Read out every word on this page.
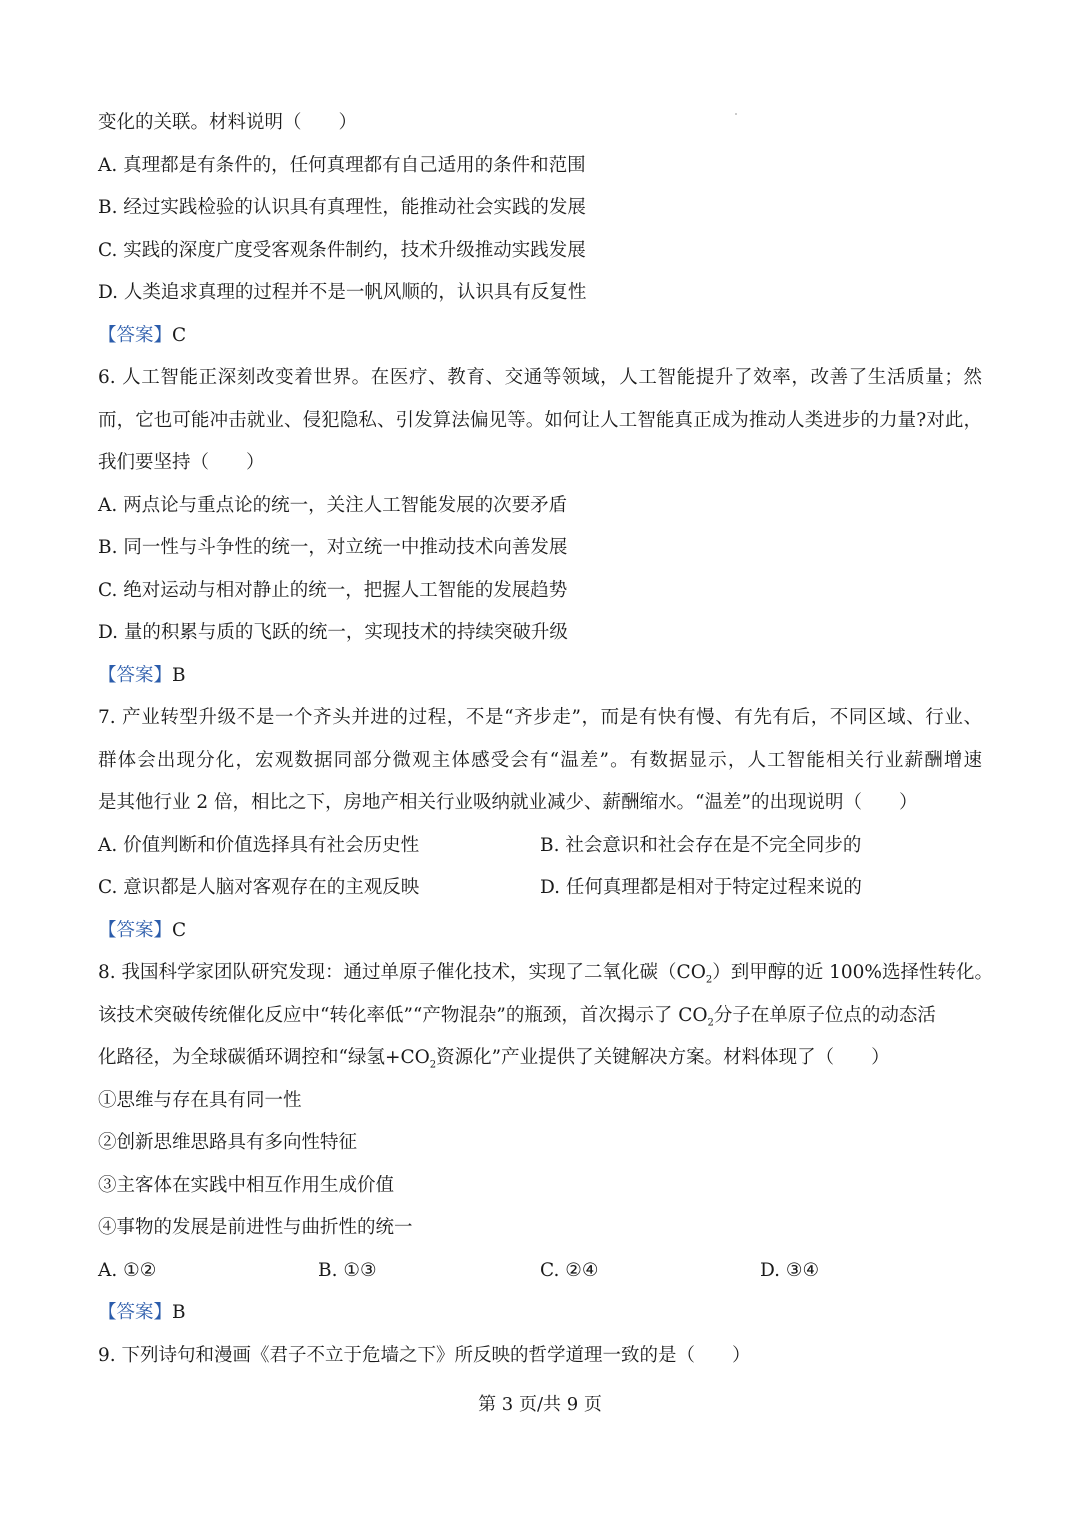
变化的关联。材料说明（　　）
A. 真理都是有条件的，任何真理都有自己适用的条件和范围
B. 经过实践检验的认识具有真理性，能推动社会实践的发展
C. 实践的深度广度受客观条件制约，技术升级推动实践发展
D. 人类追求真理的过程并不是一帆风顺的，认识具有反复性
【答案】C
6. 人工智能正深刻改变着世界。在医疗、教育、交通等领域，人工智能提升了效率，改善了生活质量；然
而，它也可能冲击就业、侵犯隐私、引发算法偏见等。如何让人工智能真正成为推动人类进步的力量?对此，
我们要坚持（　　）
A. 两点论与重点论的统一，关注人工智能发展的次要矛盾
B. 同一性与斗争性的统一，对立统一中推动技术向善发展
C. 绝对运动与相对静止的统一，把握人工智能的发展趋势
D. 量的积累与质的飞跃的统一，实现技术的持续突破升级
【答案】B
7. 产业转型升级不是一个齐头并进的过程，不是“齐步走”，而是有快有慢、有先有后，不同区域、行业、
群体会出现分化，宏观数据同部分微观主体感受会有“温差”。有数据显示，人工智能相关行业薪酬增速
是其他行业 2 倍，相比之下，房地产相关行业吸纳就业减少、薪酬缩水。“温差”的出现说明（　　）
A. 价值判断和价值选择具有社会历史性	B. 社会意识和社会存在是不完全同步的
C. 意识都是人脑对客观存在的主观反映	D. 任何真理都是相对于特定过程来说的
【答案】C
8. 我国科学家团队研究发现：通过单原子催化技术，实现了二氧化碳$(CO_2)$到甲醇的近 100%选择性转化。
该技术突破传统催化反应中“转化率低”“产物混杂”的瓶颈，首次揭示了 $CO_2$分子在单原子位点的动态活
化路径，为全球碳循环调控和“绿氢$+CO_2$资源化”产业提供了关键解决方案。材料体现了（　　）
①思维与存在具有同一性
②创新思维思路具有多向性特征
③主客体在实践中相互作用生成价值
④事物的发展是前进性与曲折性的统一
A. ①②	B. ①③	C. ②④	D. ③④
【答案】B
9. 下列诗句和漫画《君子不立于危墙之下》所反映的哲学道理一致的是（　　）
第 3 页/共 9 页
